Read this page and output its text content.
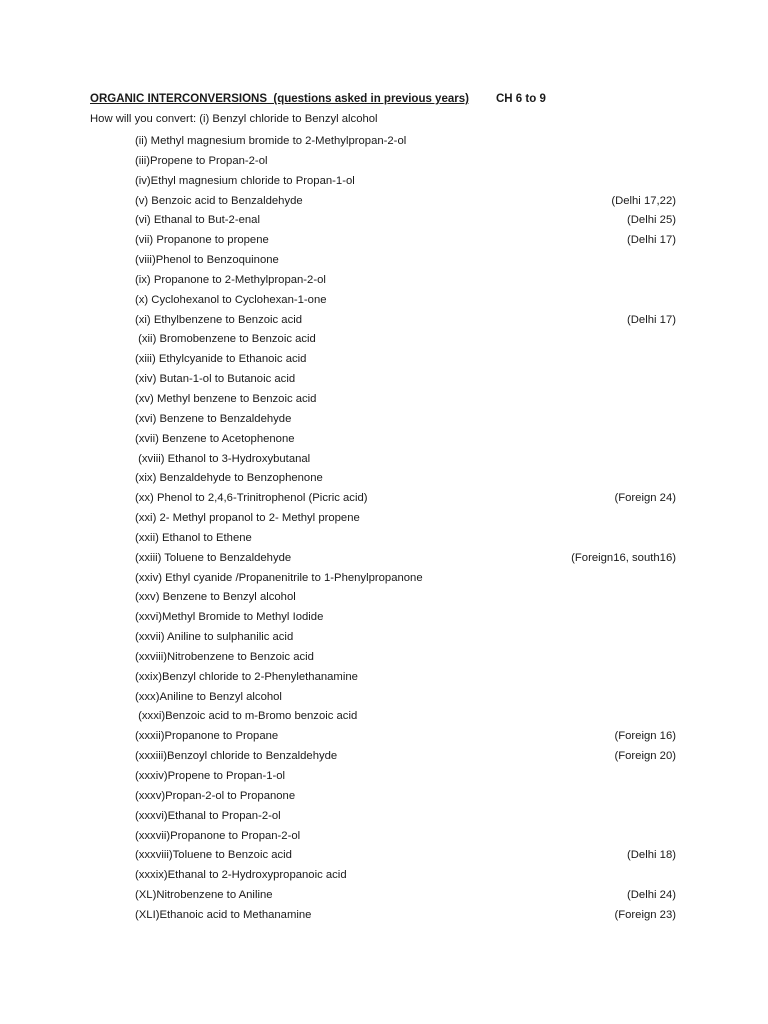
ORGANIC INTERCONVERSIONS  (questions asked in previous years) CH 6 to 9
How will you convert: (i) Benzyl chloride to Benzyl alcohol
(ii) Methyl magnesium bromide to 2-Methylpropan-2-ol
(iii)Propene to Propan-2-ol
(iv)Ethyl magnesium chloride to Propan-1-ol
(v) Benzoic acid to Benzaldehyde	(Delhi 17,22)
(vi) Ethanal to But-2-enal	(Delhi 25)
(vii) Propanone to propene	(Delhi 17)
(viii)Phenol to Benzoquinone
(ix) Propanone to 2-Methylpropan-2-ol
(x) Cyclohexanol to Cyclohexan-1-one
(xi) Ethylbenzene to Benzoic acid	(Delhi 17)
(xii) Bromobenzene to Benzoic acid
(xiii) Ethylcyanide to Ethanoic acid
(xiv) Butan-1-ol to Butanoic acid
(xv) Methyl benzene to Benzoic acid
(xvi) Benzene to Benzaldehyde
(xvii) Benzene to Acetophenone
(xviii) Ethanol to 3-Hydroxybutanal
(xix) Benzaldehyde to Benzophenone
(xx) Phenol to 2,4,6-Trinitrophenol (Picric acid)	(Foreign 24)
(xxi) 2- Methyl propanol to 2- Methyl propene
(xxii) Ethanol to Ethene
(xxiii) Toluene to Benzaldehyde	(Foreign16, south16)
(xxiv) Ethyl cyanide /Propanenitrile to 1-Phenylpropanone
(xxv) Benzene to Benzyl alcohol
(xxvi)Methyl Bromide to Methyl Iodide
(xxvii) Aniline to sulphanilic acid
(xxviii)Nitrobenzene to Benzoic acid
(xxix)Benzyl chloride to 2-Phenylethanamine
(xxx)Aniline to Benzyl alcohol
(xxxi)Benzoic acid to m-Bromo benzoic acid
(xxxii)Propanone to Propane	(Foreign 16)
(xxxiii)Benzoyl chloride to Benzaldehyde	(Foreign 20)
(xxxiv)Propene to Propan-1-ol
(xxxv)Propan-2-ol to Propanone
(xxxvi)Ethanal to Propan-2-ol
(xxxvii)Propanone to Propan-2-ol
(xxxviii)Toluene to Benzoic acid	(Delhi 18)
(xxxix)Ethanal to 2-Hydroxypropanoic acid
(XL)Nitrobenzene to Aniline	(Delhi 24)
(XLI)Ethanoic acid to Methanamine	(Foreign 23)
